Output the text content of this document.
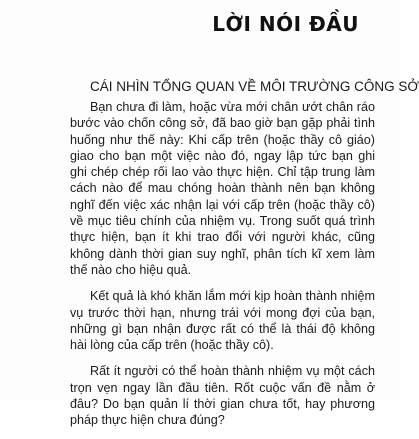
LỜI NÓI ĐẦU
CÁI NHÌN TỔNG QUAN VỀ MÔI TRƯỜNG CÔNG SỞ

Bạn chưa đi làm, hoặc vừa mới chân ướt chân ráo bước vào chốn công sở, đã bao giờ bạn gặp phải tình huống như thế này: Khi cấp trên (hoặc thầy cô giáo) giao cho bạn một việc nào đó, ngay lập tức bạn ghi ghi chép chép rối lao vào thực hiện. Chỉ tập trung làm cách nào để mau chóng hoàn thành nên bạn không nghĩ đến việc xác nhận lại với cấp trên (hoặc thầy cô) về mục tiêu chính của nhiệm vụ. Trong suốt quá trình thực hiện, bạn ít khi trao đổi với người khác, cũng không dành thời gian suy nghĩ, phân tích kĩ xem làm thế nào cho hiệu quả.

Kết quả là khó khăn lắm mới kịp hoàn thành nhiệm vụ trước thời hạn, nhưng trái với mong đợi của bạn, những gì bạn nhận được rất có thể là thái độ không hài lòng của cấp trên (hoặc thầy cô).

Rất ít người có thể hoàn thành nhiệm vụ một cách trọn vẹn ngay lần đầu tiên. Rốt cuộc vấn đề nằm ở đâu? Do bạn quản lí thời gian chưa tốt, hay phương pháp thực hiện chưa đúng?
